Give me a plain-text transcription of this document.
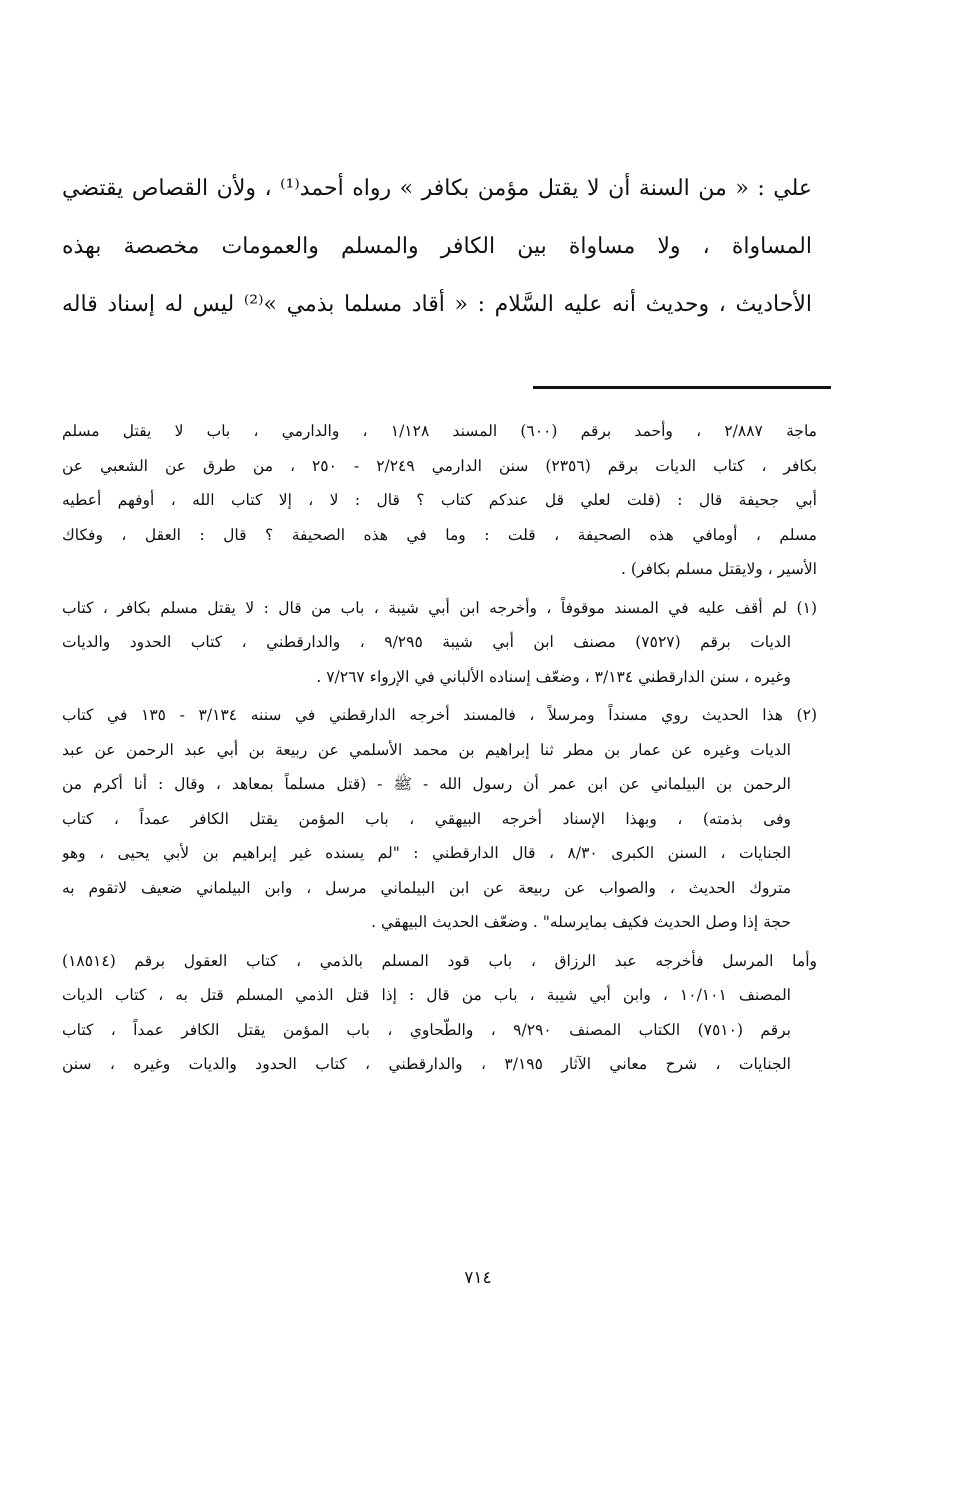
علي : « من السنة أن لا يقتل مؤمن بكافر » رواه أحمد⁽¹⁾ ، ولأن القصاص يقتضي
المساواة ، ولا مساواة بين الكافر والمسلم والعمومات مخصصة بهذه
الأحاديث ، وحديث أنه عليه السَّلام : « أقاد مسلما بذمي »⁽²⁾ ليس له إسناد قاله
ماجة ٢/٨٨٧ ، وأحمد برقم (٦٠٠) المسند ١/١٢٨ ، والدارمي ، باب لا يقتل مسلم
بكافر ، كتاب الديات برقم (٢٣٥٦) سنن الدارمي ٢/٢٤٩ - ٢٥٠ ، من طرق عن الشعبي عن
أبي جحيفة قال : (قلت لعلي قل عندكم كتاب ؟ قال : لا ، إلا كتاب الله ، أوفهم أعطيه
مسلم ، أومافي هذه الصحيفة ، قلت : وما في هذه الصحيفة ؟ قال : العقل ، وفكاك
الأسير ، ولايقتل مسلم بكافر) .
(١) لم أقف عليه في المسند موقوفاً ، وأخرجه ابن أبي شيبة ، باب من قال : لا يقتل مسلم بكافر ، كتاب
الديات برقم (٧٥٢٧) مصنف ابن أبي شيبة ٩/٢٩٥ ، والدارقطني ، كتاب الحدود والديات
وغيره ، سنن الدارقطني ٣/١٣٤ ، وضعّف إسناده الألباني في الإرواء ٧/٢٦٧ .
(٢) هذا الحديث روي مسنداً ومرسلاً ، فالمسند أخرجه الدارقطني في سننه ٣/١٣٤ - ١٣٥ في كتاب
الديات وغيره عن عمار بن مطر ثنا إبراهيم بن محمد الأسلمي عن ربيعة بن أبي عبد الرحمن عن عبد
الرحمن بن البيلماني عن ابن عمر أن رسول الله - ﷺ - (قتل مسلماً بمعاهد ، وقال : أنا أكرم من
وفى بذمته) ، وبهذا الإسناد أخرجه البيهقي ، باب المؤمن يقتل الكافر عمداً ، كتاب
الجنايات ، السنن الكبرى ٨/٣٠ ، قال الدارقطني : "لم يسنده غير إبراهيم بن لأبي يحيى ، وهو
متروك الحديث ، والصواب عن ربيعة عن ابن البيلماني مرسل ، وابن البيلماني ضعيف لاتقوم به
حجة إذا وصل الحديث فكيف بمايرسله" . وضعّف الحديث البيهقي .
وأما المرسل فأخرجه عبد الرزاق ، باب قود المسلم بالذمي ، كتاب العقول برقم (١٨٥١٤)
المصنف ١٠/١٠١ ، وابن أبي شيبة ، باب من قال : إذا قتل الذمي المسلم قتل به ، كتاب الديات
برقم (٧٥١٠) الكتاب المصنف ٩/٢٩٠ ، والطّحاوي ، باب المؤمن يقتل الكافر عمداً ، كتاب
الجنايات ، شرح معاني الآثار ٣/١٩٥ ، والدارقطني ، كتاب الحدود والديات وغيره ، سنن
٧١٤
